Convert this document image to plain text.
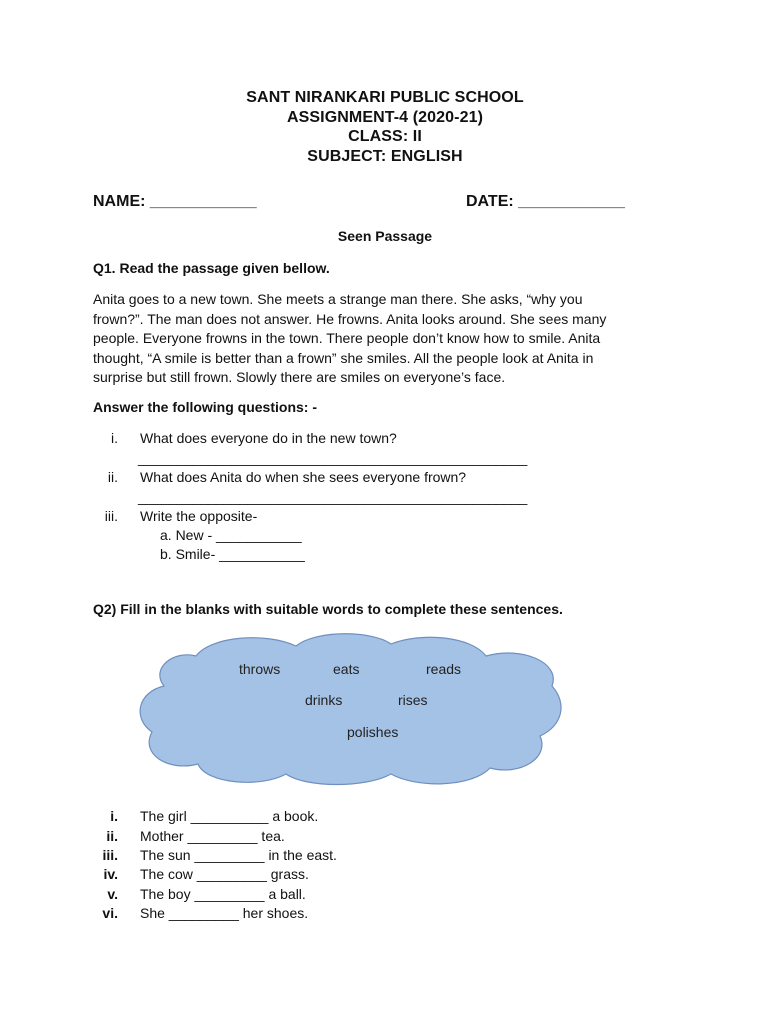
SANT NIRANKARI PUBLIC SCHOOL
ASSIGNMENT-4 (2020-21)
CLASS: II
SUBJECT: ENGLISH
NAME: ____________	DATE: ____________
Seen Passage
Q1. Read the passage given bellow.
Anita goes to a new town. She meets a strange man there. She asks, “why you
frown?”. The man does not answer. He frowns. Anita looks around. She sees many
people. Everyone frowns in the town. There people don’t know how to smile. Anita
thought, “A smile is better than a frown” she smiles. All the people look at Anita in
surprise but still frown. Slowly there are smiles on everyone’s face.
Answer the following questions: -
i. What does everyone do in the new town?
__________________________________________________
ii. What does Anita do when she sees everyone frown?
__________________________________________________
iii. Write the opposite-
a. New - ___________
b. Smile- ___________
Q2) Fill in the blanks with suitable words to complete these sentences.
throws	eats	reads
drinks	rises
polishes
i. The girl __________ a book.
ii. Mother _________ tea.
iii. The sun _________ in the east.
iv. The cow _________ grass.
v. The boy _________ a ball.
vi. She _________ her shoes.
